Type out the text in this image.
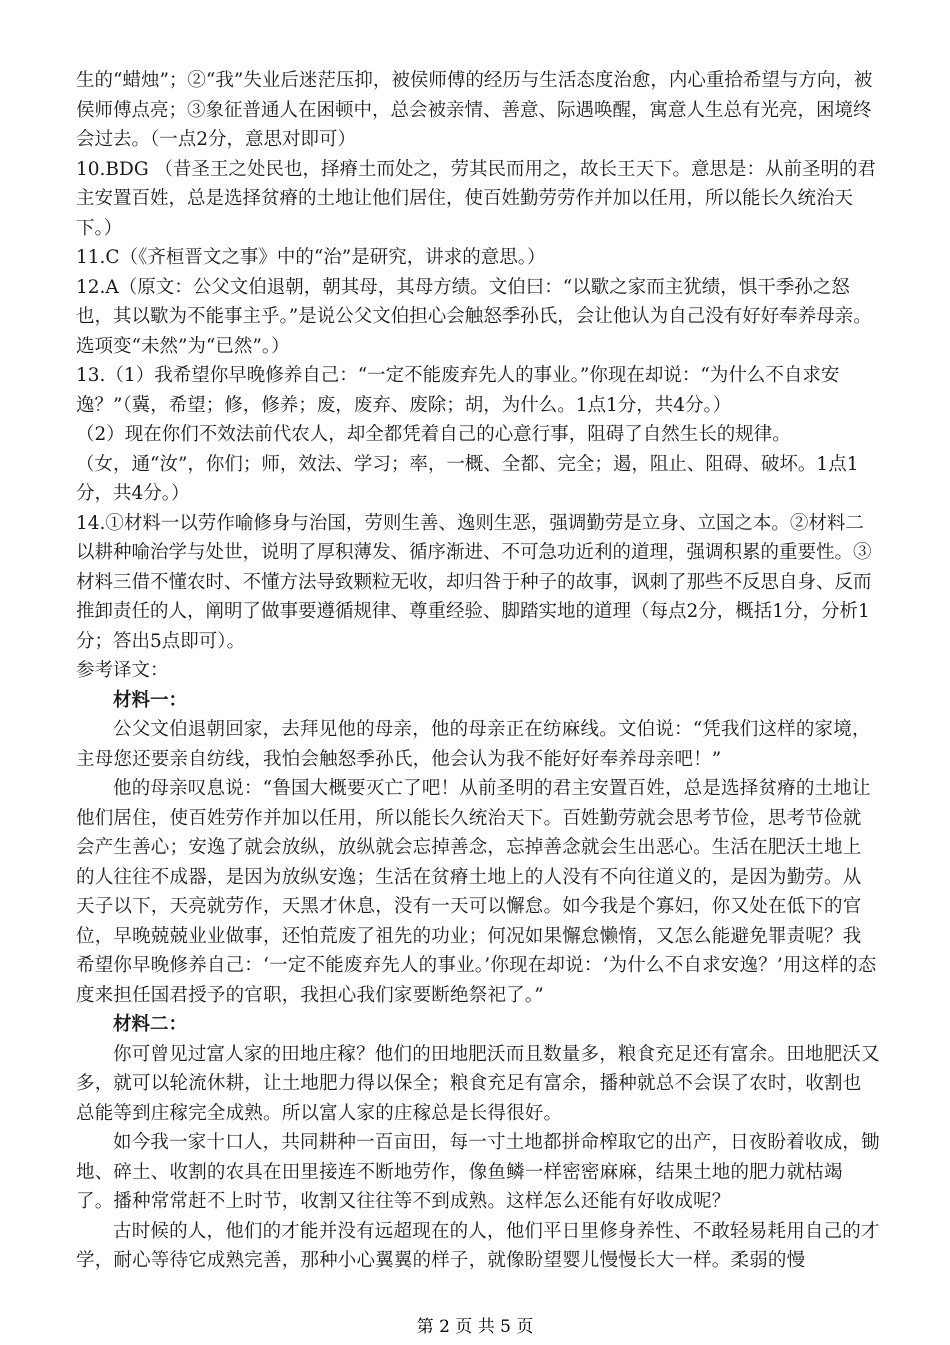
生的“蜡烛”；②“我”失业后迷茫压抑，被侯师傅的经历与生活态度治愈，内心重拾希望与方向，被侯师傅点亮；③象征普通人在困顿中，总会被亲情、善意、际遇唤醒，寓意人生总有光亮，困境终会过去。（一点2分，意思对即可）

10.BDG （昔圣王之处民也，择瘠土而处之，劳其民而用之，故长王天下。意思是：从前圣明的君主安置百姓，总是选择贫瘠的土地让他们居住，使百姓勤劳劳作并加以任用，所以能长久统治天下。）

11.C（《齐桓晋文之事》中的“治”是研究，讲求的意思。）

12.A（原文：公父文伯退朝，朝其母，其母方绩。文伯曰：“以歜之家而主犹绩，惧干季孙之怒也，其以歜为不能事主乎。”是说公父文伯担心会触怒季孙氏，会让他认为自己没有好好奉养母亲。选项变“未然”为“已然”。）

13.（1）我希望你早晚修养自己：“一定不能废弃先人的事业。”你现在却说：“为什么不自求安逸？”（冀，希望；修，修养；废，废弃、废除；胡，为什么。1点1分，共4分。）

（2）现在你们不效法前代农人，却全都凭着自己的心意行事，阻碍了自然生长的规律。

（女，通“汝”，你们；师，效法、学习；率，一概、全都、完全；遏，阻止、阻碍、破坏。1点1分，共4分。）

14.①材料一以劳作喻修身与治国，劳则生善、逸则生恶，强调勤劳是立身、立国之本。②材料二以耕种喻治学与处世，说明了厚积薄发、循序渐进、不可急功近利的道理，强调积累的重要性。③材料三借不懂农时、不懂方法导致颗粒无收，却归咎于种子的故事，讽刺了那些不反思自身、反而推卸责任的人，阐明了做事要遵循规律、尊重经验、脚踏实地的道理（每点2分，概括1分，分析1分；答出5点即可）。

参考译文：

材料一：

公父文伯退朝回家，去拜见他的母亲，他的母亲正在纺麻线。文伯说：“凭我们这样的家境，主母您还要亲自纺线，我怕会触怒季孙氏，他会认为我不能好好奉养母亲吧！”

他的母亲叹息说：“鲁国大概要灭亡了吧！从前圣明的君主安置百姓，总是选择贫瘠的土地让他们居住，使百姓劳作并加以任用，所以能长久统治天下。百姓勤劳就会思考节俭，思考节俭就会产生善心；安逸了就会放纵，放纵就会忘掉善念，忘掉善念就会生出恶心。生活在肥沃土地上的人往往不成器，是因为放纵安逸；生活在贫瘠土地上的人没有不向往道义的，是因为勤劳。从天子以下，天亮就劳作，天黑才休息，没有一天可以懈怠。如今我是个寡妇，你又处在低下的官位，早晚兢兢业业做事，还怕荒废了祖先的功业；何况如果懈怠懒惰，又怎么能避免罪责呢？我希望你早晚修养自己：‘一定不能废弃先人的事业。’你现在却说：‘为什么不自求安逸？’用这样的态度来担任国君授予的官职，我担心我们家要断绝祭祀了。”

材料二：

你可曾见过富人家的田地庄稼？他们的田地肥沃而且数量多，粮食充足还有富余。田地肥沃又多，就可以轮流休耕，让土地肥力得以保全；粮食充足有富余，播种就总不会误了农时，收割也总能等到庄稼完全成熟。所以富人家的庄稼总是长得很好。

如今我一家十口人，共同耕种一百亩田，每一寸土地都拼命榨取它的出产，日夜盼着收成，锄地、碎土、收割的农具在田里接连不断地劳作，像鱼鳞一样密密麻麻，结果土地的肥力就枯竭了。播种常常赶不上时节，收割又往往等不到成熟。这样怎么还能有好收成呢？

古时候的人，他们的才能并没有远超现在的人，他们平日里修身养性、不敢轻易耗用自己的才学，耐心等待它成熟完善，那种小心翼翼的样子，就像盼望婴儿慢慢长大一样。柔弱的慢

第 2 页 共 5 页
